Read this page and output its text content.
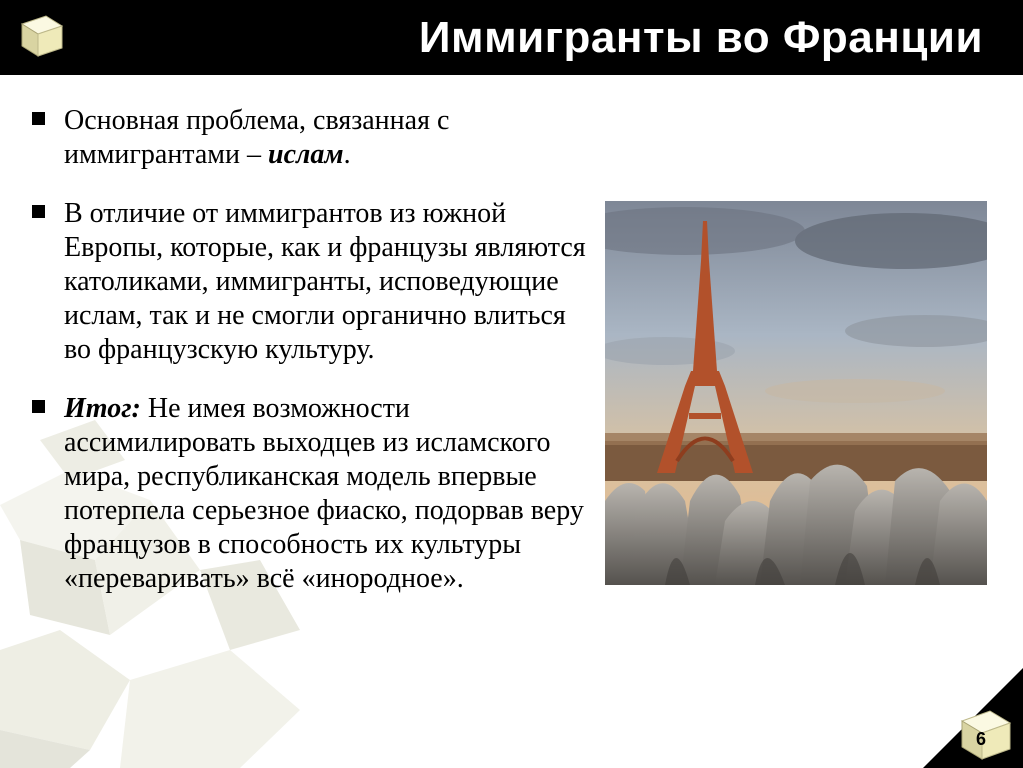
Иммигранты во Франции
Основная проблема, связанная с иммигрантами – ислам.
В отличие от иммигрантов из южной Европы, которые, как и французы являются католиками, иммигранты, исповедующие ислам, так и не смогли органично влиться во французскую культуру.
Итог: Не имея возможности ассимилировать выходцев из исламского мира, республиканская модель впервые потерпела серьезное фиаско, подорвав веру французов в способность их культуры «переваривать» всё «инородное».
6
